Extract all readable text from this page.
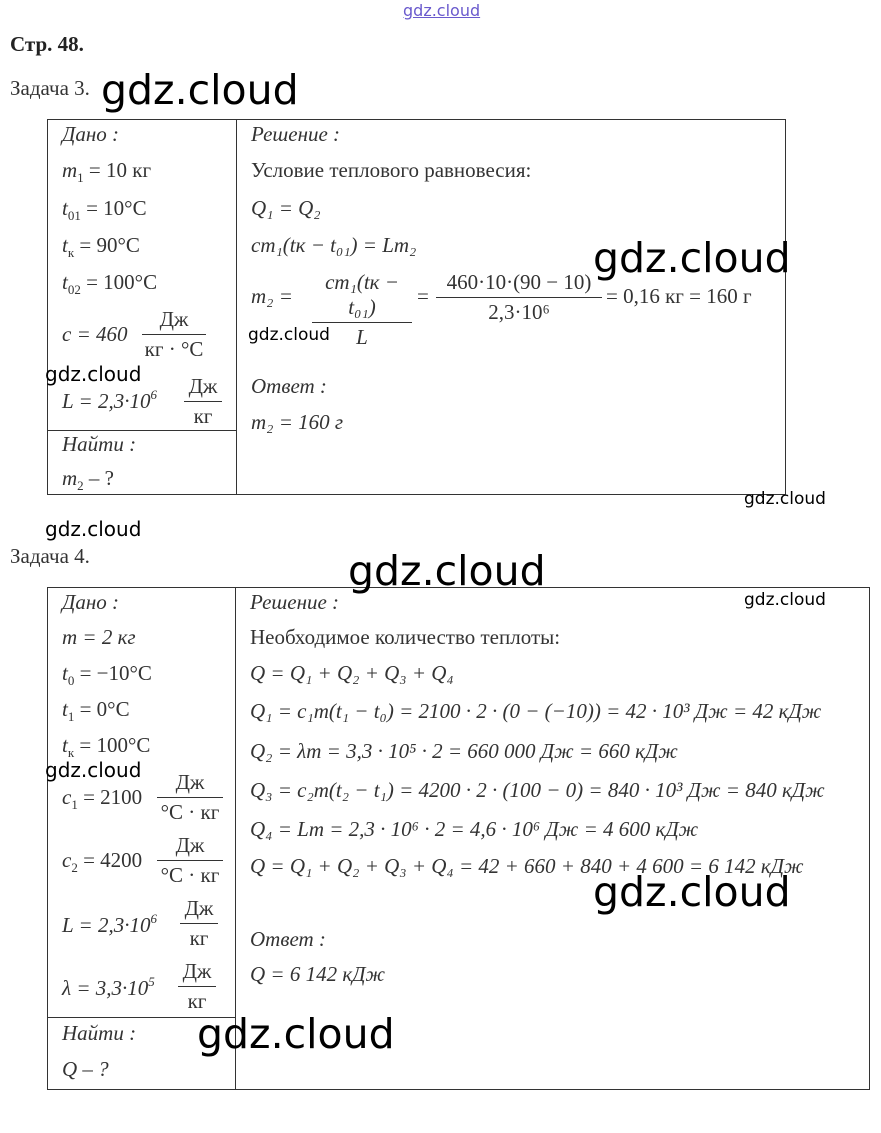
gdz.cloud
Стр. 48.
Задача 3.
Дано :
$m_1 = 10$ кг
$t_{01} = 10^\circ С$
$t_к = 90^\circ С$
$t_{02} = 100^\circ С$
c = 460
Дж
кг · °С
$L = 2,3\cdot 10^6$ Дж
кг
Найти :
$m_2$ – ?
Решение :
Условие теплового равновесия:
Q₁ = Q₂
cm₁(tк − t₀₁) = Lm₂
m₂ =
cm₁(tк − t₀₁)
L
= $\frac{460\cdot 10\cdot(90 - 10)}{\text{2,3·10⁶}} = 0,16$ кг = 160 г
Ответ :
m₂ = 160 г
Задача 4.
Дано :
m = 2 кг
$t_0 = -10^\circ С$
$t_1 = 0^\circ С$
$t_к = 100^\circ С$
$c_1 = 2100$
Дж
°С · кг
$c_2 = 4200$
Дж
°С · кг
$L = 2,3\cdot 10^6$ Дж
кг
$\lambda = 3,3\cdot 10^5$ Дж
кг
Найти :
Q – ?
Решение :
Необходимое количество теплоты:
Q = Q₁ + Q₂ + Q₃ + Q₄
Q₁ = c₁m(t₁ − t₀) = 2100 · 2 · (0 − (−10)) = 42 · 10³ Дж = 42 кДж
Q₂ = λm = 3,3 · 10⁵ · 2 = 660 000 Дж = 660 кДж
Q₃ = c₂m(t₂ − t₁) = 4200 · 2 · (100 − 0) = 840 · 10³ Дж = 840 кДж
Q₄ = Lm = 2,3 · 10⁶ · 2 = 4,6 · 10⁶ Дж = 4 600 кДж
Q = Q₁ + Q₂ + Q₃ + Q₄ = 42 + 660 + 840 + 4 600 = 6 142 кДж
Ответ :
Q = 6 142 кДж
gdz.cloud
gdz.cloud
gdz.cloud
gdz.cloud
gdz.cloud
gdz.cloud
gdz.cloud
gdz.cloud
gdz.cloud
gdz.cloud
gdz.cloud
